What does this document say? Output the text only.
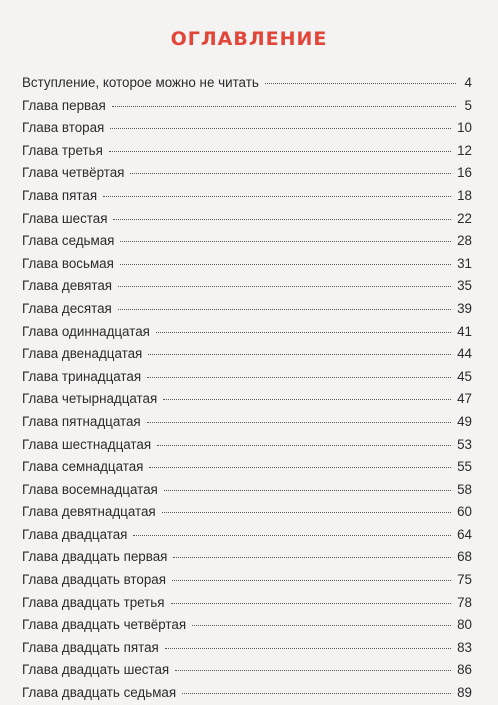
ОГЛАВЛЕНИЕ
Вступление, которое можно не читать	4
Глава первая	5
Глава вторая	10
Глава третья	12
Глава четвёртая	16
Глава пятая	18
Глава шестая	22
Глава седьмая	28
Глава восьмая	31
Глава девятая	35
Глава десятая	39
Глава одиннадцатая	41
Глава двенадцатая	44
Глава тринадцатая	45
Глава четырнадцатая	47
Глава пятнадцатая	49
Глава шестнадцатая	53
Глава семнадцатая	55
Глава восемнадцатая	58
Глава девятнадцатая	60
Глава двадцатая	64
Глава двадцать первая	68
Глава двадцать вторая	75
Глава двадцать третья	78
Глава двадцать четвёртая	80
Глава двадцать пятая	83
Глава двадцать шестая	86
Глава двадцать седьмая	89
